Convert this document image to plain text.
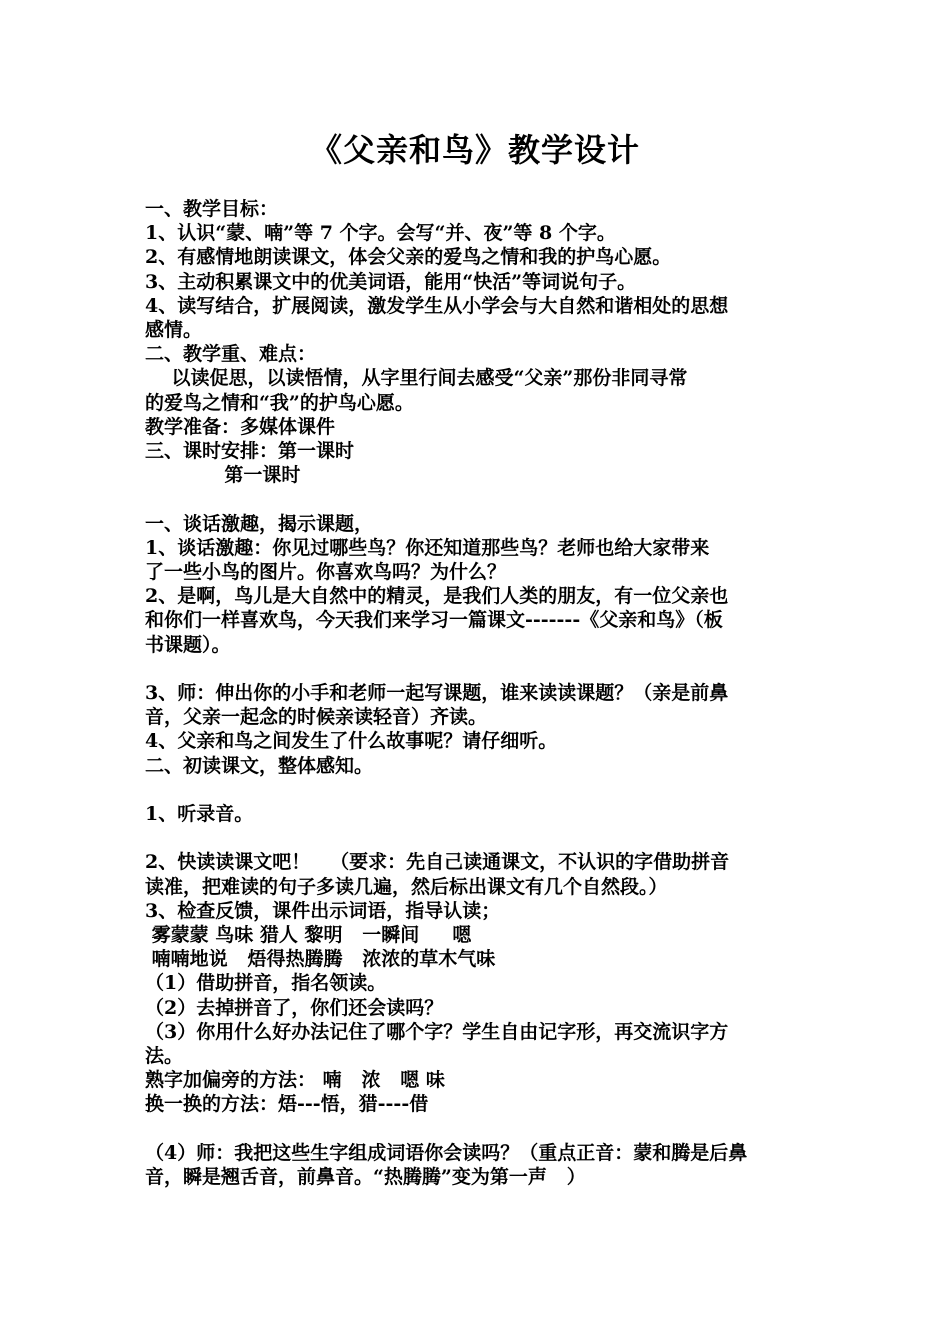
《父亲和鸟》教学设计
一、教学目标：
1、认识“蒙、喃”等 7 个字。会写“并、夜”等 8 个字。
2、有感情地朗读课文，体会父亲的爱鸟之情和我的护鸟心愿。
3、主动积累课文中的优美词语，能用“快活”等词说句子。
4、读写结合，扩展阅读，激发学生从小学会与大自然和谐相处的思想
感情。
二、教学重、难点：
以读促思，以读悟情，从字里行间去感受“父亲”那份非同寻常
的爱鸟之情和“我”的护鸟心愿。
教学准备：多媒体课件
三、课时安排：第一课时
第一课时
一、谈话激趣，揭示课题，
1、谈话激趣：你见过哪些鸟？你还知道那些鸟？老师也给大家带来
了一些小鸟的图片。你喜欢鸟吗？为什么？
2、是啊，鸟儿是大自然中的精灵，是我们人类的朋友，有一位父亲也
和你们一样喜欢鸟，今天我们来学习一篇课文-------《父亲和鸟》（板
书课题）。
3、师：伸出你的小手和老师一起写课题，谁来读读课题？（亲是前鼻
音，父亲一起念的时候亲读轻音）齐读。
4、父亲和鸟之间发生了什么故事呢？请仔细听。
二、初读课文，整体感知。
1、听录音。
2、快读读课文吧！   （要求：先自己读通课文，不认识的字借助拼音
读准，把难读的句子多读几遍，然后标出课文有几个自然段。）
3、检查反馈，课件出示词语，指导认读；
雾蒙蒙 鸟味 猎人 黎明   一瞬间     嗯
喃喃地说   焐得热腾腾   浓浓的草木气味
（1）借助拼音，指名领读。
（2）去掉拼音了，你们还会读吗？
（3）你用什么好办法记住了哪个字？学生自由记字形，再交流识字方
法。
熟字加偏旁的方法： 喃   浓   嗯 味
换一换的方法：焐---悟，猎----借
（4）师：我把这些生字组成词语你会读吗？（重点正音：蒙和腾是后鼻
音，瞬是翘舌音，前鼻音。“热腾腾”变为第一声   ）
